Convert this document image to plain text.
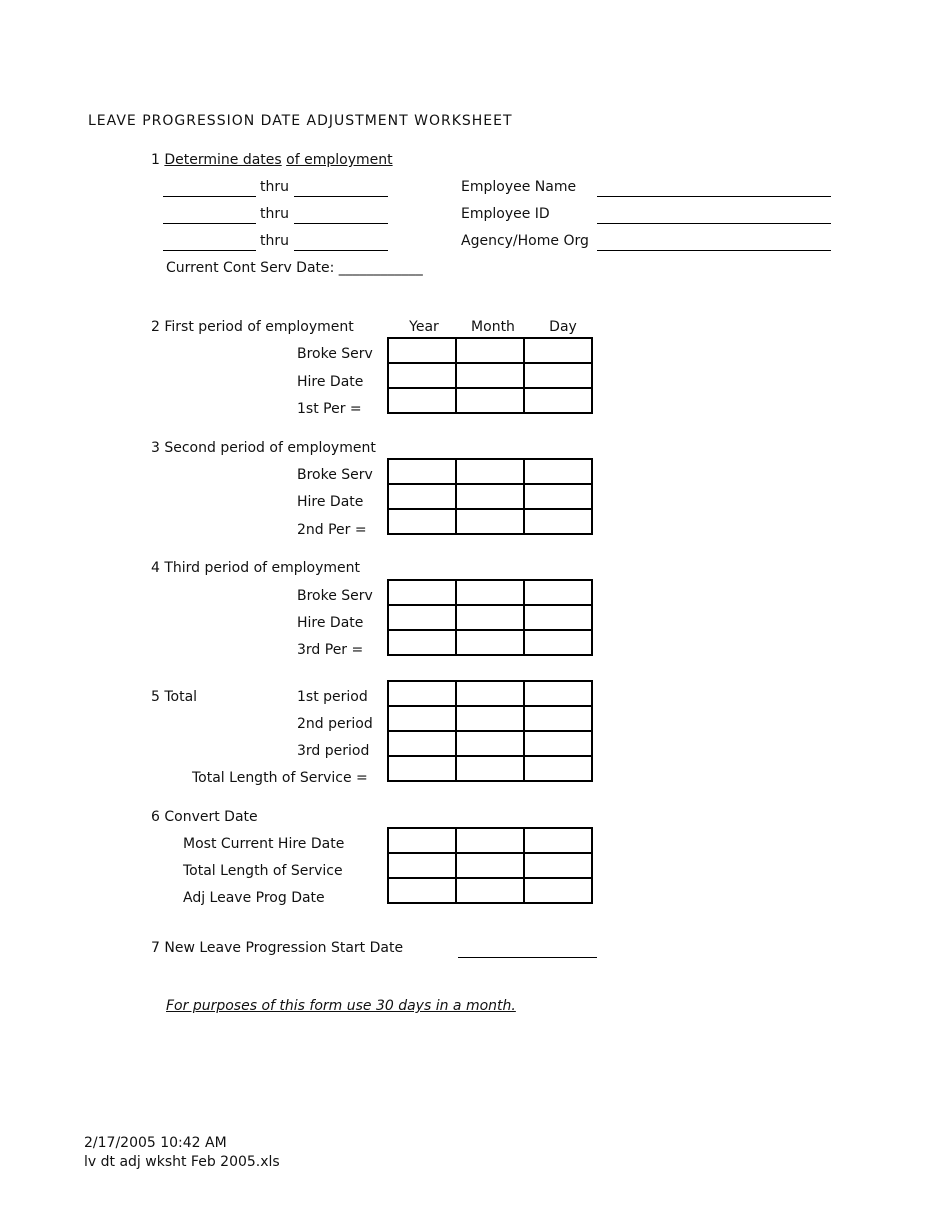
LEAVE PROGRESSION DATE ADJUSTMENT WORKSHEET
1 Determine dates of employment
thru
thru
thru
Employee Name
Employee ID
Agency/Home Org
Current Cont Serv Date: ____________
2 First period of employment	Year	Month	Day
Broke Serv
Hire Date
1st Per =

3 Second period of employment
Broke Serv
Hire Date
2nd Per =

4 Third period of employment
Broke Serv
Hire Date
3rd Per =

5 Total	1st period
2nd period
3rd period
Total Length of Service =

6 Convert Date
Most Current Hire Date
Total Length of Service
Adj Leave Prog Date

7 New Leave Progression Start Date
For purposes of this form use 30 days in a month.
2/17/2005 10:42 AM
lv dt adj wksht Feb 2005.xls
